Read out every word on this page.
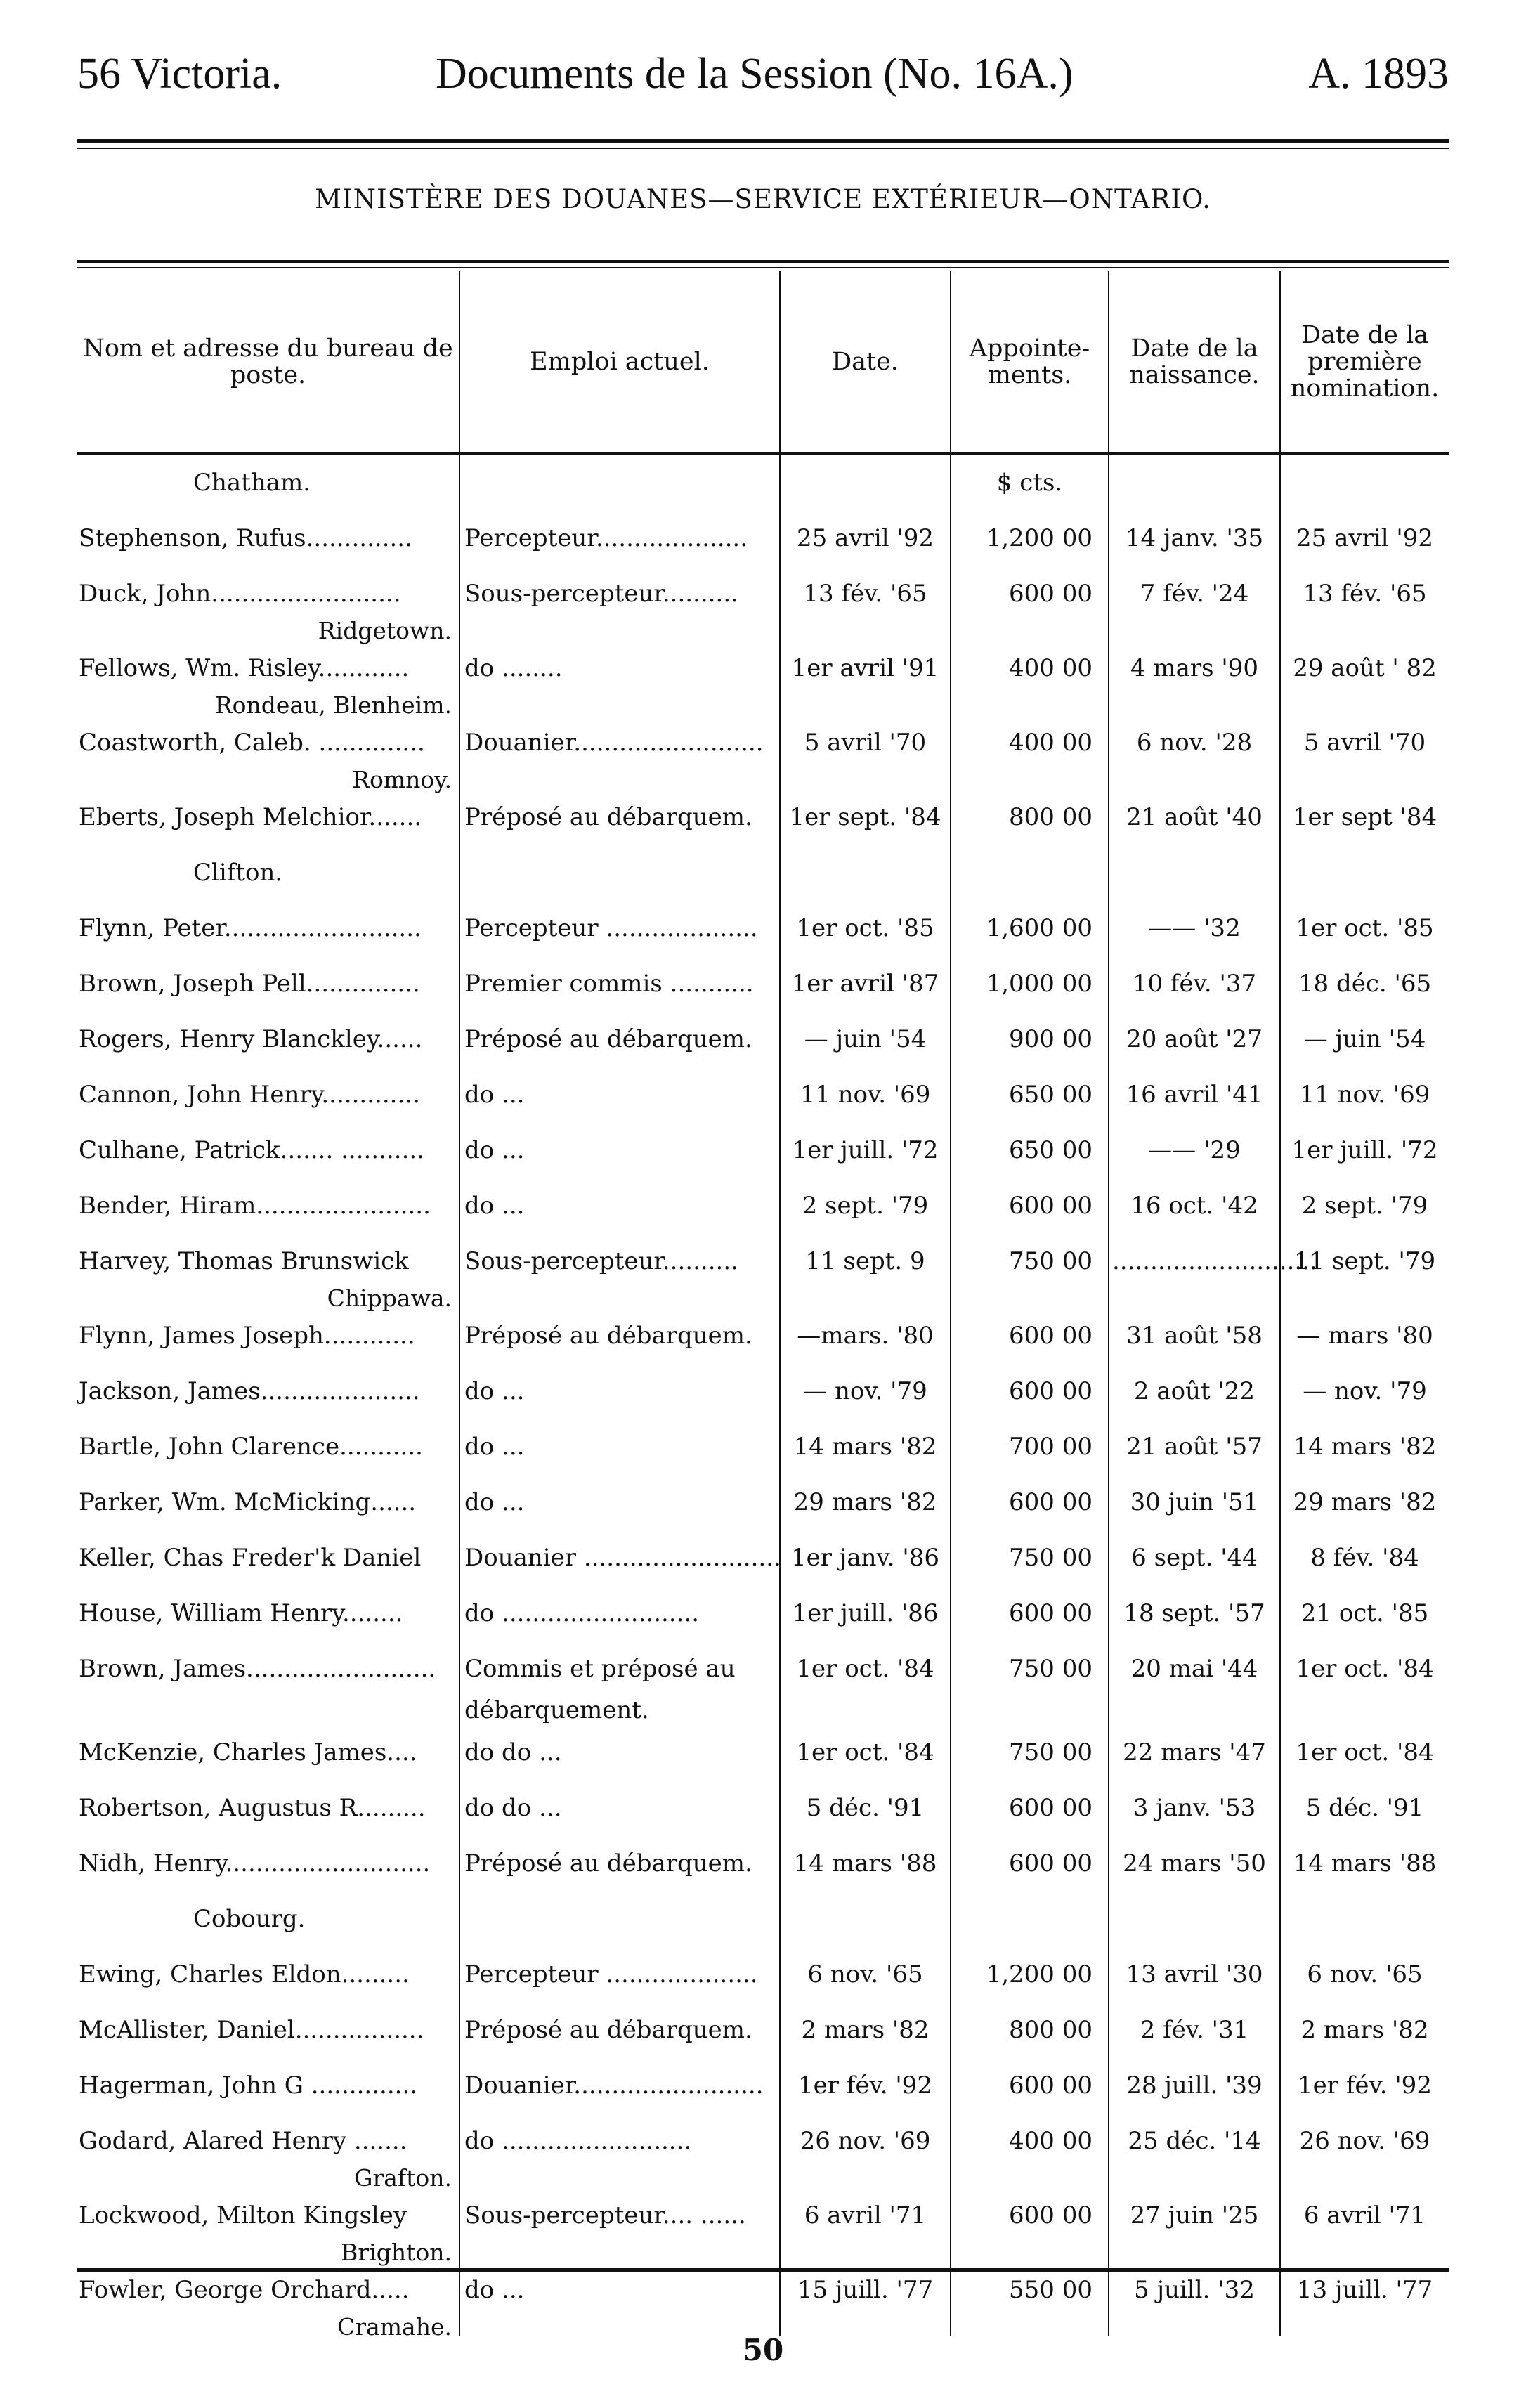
56 Victoria.	Documents de la Session (No. 16A.)	A. 1893
MINISTÈRE DES DOUANES—SERVICE EXTÉRIEUR—ONTARIO.
Nom et adresse du bureau de poste.	Emploi actuel.	Date.	Appointe- ments.	Date de la naissance.	Date de la première nomination.
Chatham.			$ cts.		
Stephenson, Rufus..............	Percepteur....................	25 avril '92	1,200 00	14 janv. '35	25 avril '92
Duck, John.........................	Sous-percepteur..........	13 fév. '65	600 00	7 fév. '24	13 fév. '65
Ridgetown.					
Fellows, Wm. Risley............	do ........	1er avril '91	400 00	4 mars '90	29 août ' 82
Rondeau, Blenheim.					
Coastworth, Caleb. ..............	Douanier.........................	5 avril '70	400 00	6 nov. '28	5 avril '70
Romnoy.					
Eberts, Joseph Melchior.......	Préposé au débarquem.	1er sept. '84	800 00	21 août '40	1er sept '84
Clifton.					
Flynn, Peter..........................	Percepteur ....................	1er oct. '85	1,600 00	—— '32	1er oct. '85
Brown, Joseph Pell...............	Premier commis ...........	1er avril '87	1,000 00	10 fév. '37	18 déc. '65
Rogers, Henry Blanckley......	Préposé au débarquem.	— juin '54	900 00	20 août '27	— juin '54
Cannon, John Henry.............	do ...	11 nov. '69	650 00	16 avril '41	11 nov. '69
Culhane, Patrick....... ...........	do ...	1er juill. '72	650 00	—— '29	1er juill. '72
Bender, Hiram.......................	do ...	2 sept. '79	600 00	16 oct. '42	2 sept. '79
Harvey, Thomas Brunswick	Sous-percepteur..........	11 sept. 9	750 00	...........................	11 sept. '79
Chippawa.					
Flynn, James Joseph............	Préposé au débarquem.	—mars. '80	600 00	31 août '58	— mars '80
Jackson, James.....................	do ...	— nov. '79	600 00	2 août '22	— nov. '79
Bartle, John Clarence...........	do ...	14 mars '82	700 00	21 août '57	14 mars '82
Parker, Wm. McMicking......	do ...	29 mars '82	600 00	30 juin '51	29 mars '82
Keller, Chas Freder'k Daniel	Douanier ..........................	1er janv. '86	750 00	6 sept. '44	8 fév. '84
House, William Henry........	do ..........................	1er juill. '86	600 00	18 sept. '57	21 oct. '85
Brown, James.........................	Commis et préposé au	1er oct. '84	750 00	20 mai '44	1er oct. '84
	débarquement.				
McKenzie, Charles James....	do do ...	1er oct. '84	750 00	22 mars '47	1er oct. '84
Robertson, Augustus R.........	do do ...	5 déc. '91	600 00	3 janv. '53	5 déc. '91
Nidh, Henry...........................	Préposé au débarquem.	14 mars '88	600 00	24 mars '50	14 mars '88
Cobourg.					
Ewing, Charles Eldon.........	Percepteur ....................	6 nov. '65	1,200 00	13 avril '30	6 nov. '65
McAllister, Daniel.................	Préposé au débarquem.	2 mars '82	800 00	2 fév. '31	2 mars '82
Hagerman, John G ..............	Douanier.........................	1er fév. '92	600 00	28 juill. '39	1er fév. '92
Godard, Alared Henry .......	do .........................	26 nov. '69	400 00	25 déc. '14	26 nov. '69
Grafton.					
Lockwood, Milton Kingsley	Sous-percepteur.... ......	6 avril '71	600 00	27 juin '25	6 avril '71
Brighton.					
Fowler, George Orchard.....	do ...	15 juill. '77	550 00	5 juill. '32	13 juill. '77
Cramahe.					
50
